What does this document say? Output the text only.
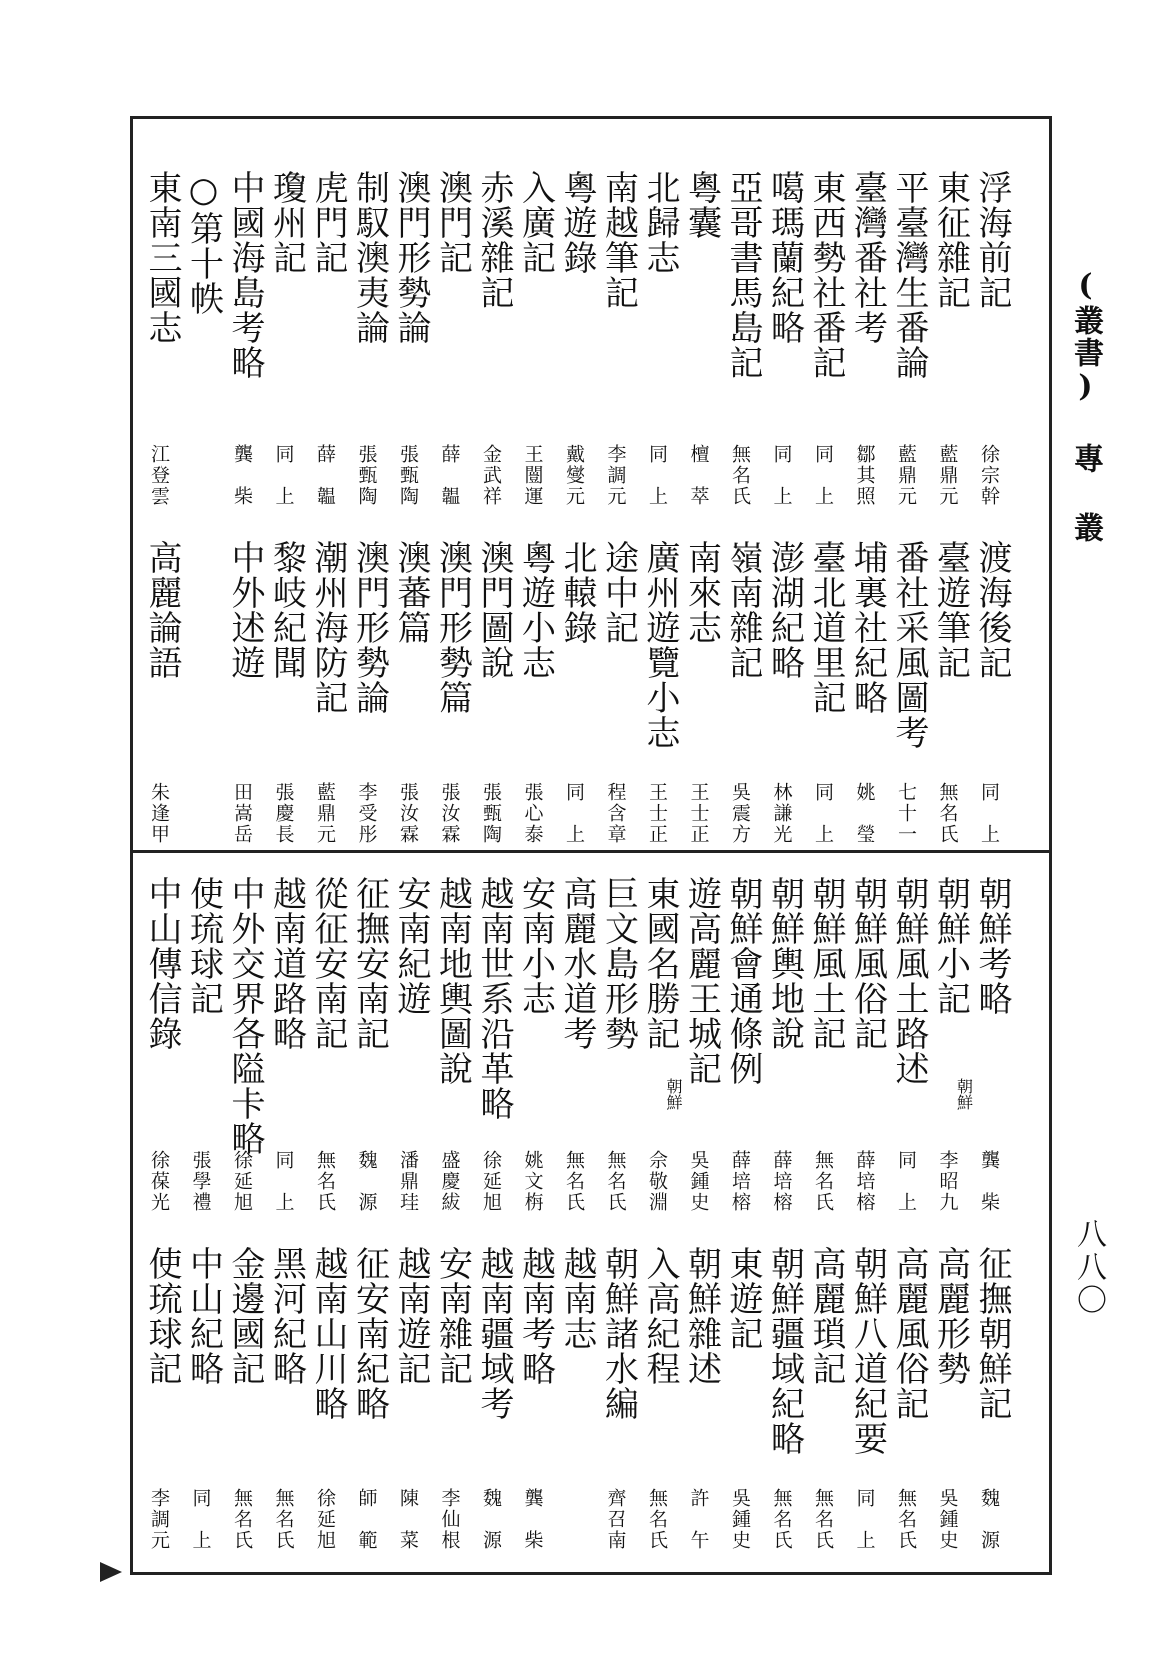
(叢書) 專 叢
八八〇
浮海前記
徐宗幹
渡海後記
同　上
東征雜記
藍鼎元
臺遊筆記
無名氏
平臺灣生番論
藍鼎元
番社采風圖考
七十一
臺灣番社考
鄒其照
埔裏社紀略
姚　瑩
東西勢社番記
同　上
臺北道里記
同　上
噶瑪蘭紀略
同　上
澎湖紀略
林謙光
亞哥書馬島記
無名氏
嶺南雜記
吳震方
粵囊
檀　萃
南來志
王士正
北歸志
同　上
廣州遊覽小志
王士正
南越筆記
李調元
途中記
程含章
粵遊錄
戴燮元
北轅錄
同　上
入廣記
王闓運
粵遊小志
張心泰
赤溪雜記
金武祥
澳門圖說
張甄陶
澳門記
薛　韞
澳門形勢篇
張汝霖
澳門形勢論
張甄陶
澳蕃篇
張汝霖
制馭澳夷論
張甄陶
澳門形勢論
李受彤
虎門記
薛　韞
潮州海防記
藍鼎元
瓊州記
同　上
黎岐紀聞
張慶長
中國海島考略
龔　柴
中外述遊
田嵩岳
○第十帙
東南三國志
江登雲
高麗論語
朱逢甲
朝鮮考略
龔　柴
征撫朝鮮記
魏　源
朝鮮小記
朝鮮
李昭九
高麗形勢
吳鍾史
朝鮮風土路述
同　上
高麗風俗記
無名氏
朝鮮風俗記
薛培榕
朝鮮八道紀要
同　上
朝鮮風土記
無名氏
高麗瑣記
無名氏
朝鮮輿地說
薛培榕
朝鮮疆域紀略
無名氏
朝鮮會通條例
薛培榕
東遊記
吳鍾史
遊高麗王城記
吳鍾史
朝鮮雜述
許　午
東國名勝記
朝鮮
佘敬淵
入高紀程
無名氏
巨文島形勢
無名氏
朝鮮諸水編
齊召南
高麗水道考
無名氏
越南志
安南小志
姚文栴
越南考略
龔　柴
越南世系沿革略
徐延旭
越南疆域考
魏　源
越南地輿圖說
盛慶紱
安南雜記
李仙根
安南紀遊
潘鼎珪
越南遊記
陳　菜
征撫安南記
魏　源
征安南紀略
師　範
從征安南記
無名氏
越南山川略
徐延旭
越南道路略
同　上
黑河紀略
無名氏
中外交界各隘卡略
徐延旭
金邊國記
無名氏
使琉球記
張學禮
中山紀略
同　上
中山傳信錄
徐葆光
使琉球記
李調元
